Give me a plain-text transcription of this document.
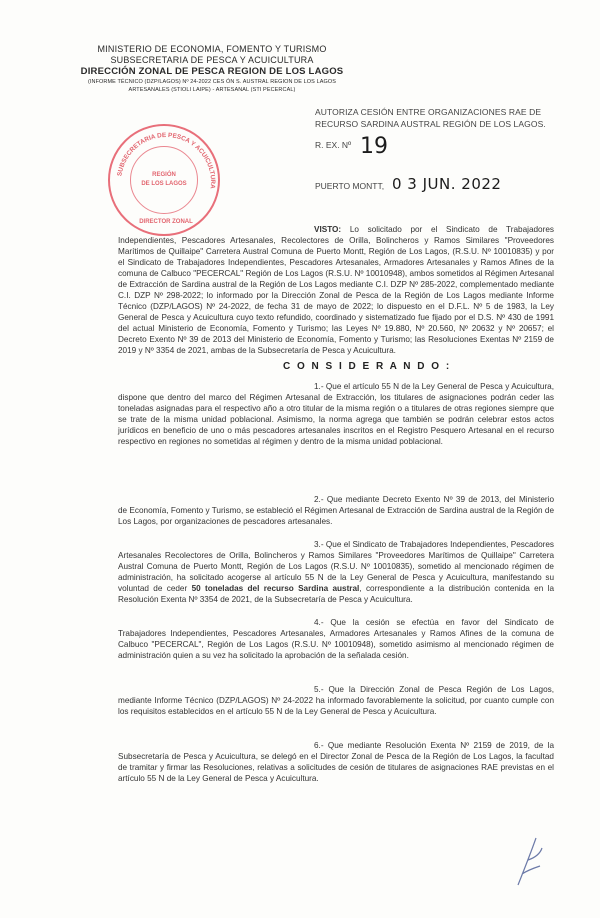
MINISTERIO DE ECONOMIA, FOMENTO Y TURISMO
SUBSECRETARIA DE PESCA Y ACUICULTURA
DIRECCIÓN ZONAL DE PESCA REGION DE LOS LAGOS
(INFORME TÉCNICO (DZP/LAGOS) Nº 24-2022 CES ÓN S. AUSTRAL REGION DE LOS LAGOS
ARTESANALES (STIOLI LAIPE) - ARTESANAL (STI PECERCAL)
SUBSECRETARIA DE PESCA Y ACUICULTURA
REGIÓN
DE LOS LAGOS
DIRECTOR ZONAL
AUTORIZA CESIÓN ENTRE ORGANIZACIONES RAE DE RECURSO SARDINA AUSTRAL REGIÓN DE LOS LAGOS.
R. EX. Nº 19
PUERTO MONTT, 0 3 JUN. 2022
VISTO: Lo solicitado por el Sindicato de Trabajadores Independientes, Pescadores Artesanales, Recolectores de Orilla, Bolincheros y Ramos Similares "Proveedores Marítimos de Quillaipe" Carretera Austral Comuna de Puerto Montt, Región de Los Lagos, (R.S.U. Nº 10010835) y por el Sindicato de Trabajadores Independientes, Pescadores Artesanales, Armadores Artesanales y Ramos Afines de la comuna de Calbuco "PECERCAL" Región de Los Lagos (R.S.U. Nº 10010948), ambos sometidos al Régimen Artesanal de Extracción de Sardina austral de la Región de Los Lagos mediante C.I. DZP Nº 285-2022, complementado mediante C.I. DZP Nº 298-2022; lo informado por la Dirección Zonal de Pesca de la Región de Los Lagos mediante Informe Técnico (DZP/LAGOS) Nº 24-2022, de fecha 31 de mayo de 2022; lo dispuesto en el D.F.L. Nº 5 de 1983, la Ley General de Pesca y Acuicultura cuyo texto refundido, coordinado y sistematizado fue fijado por el D.S. Nº 430 de 1991 del actual Ministerio de Economía, Fomento y Turismo; las Leyes Nº 19.880, Nº 20.560, Nº 20632 y Nº 20657; el Decreto Exento Nº 39 de 2013 del Ministerio de Economía, Fomento y Turismo; las Resoluciones Exentas Nº 2159 de 2019 y Nº 3354 de 2021, ambas de la Subsecretaría de Pesca y Acuicultura.
C O N S I D E R A N D O :
1.- Que el artículo 55 N de la Ley General de Pesca y Acuicultura, dispone que dentro del marco del Régimen Artesanal de Extracción, los titulares de asignaciones podrán ceder las toneladas asignadas para el respectivo año a otro titular de la misma región o a titulares de otras regiones siempre que se trate de la misma unidad poblacional. Asimismo, la norma agrega que también se podrán celebrar estos actos jurídicos en beneficio de uno o más pescadores artesanales inscritos en el Registro Pesquero Artesanal en el recurso respectivo en regiones no sometidas al régimen y dentro de la misma unidad poblacional.
2.- Que mediante Decreto Exento Nº 39 de 2013, del Ministerio de Economía, Fomento y Turismo, se estableció el Régimen Artesanal de Extracción de Sardina austral de la Región de Los Lagos, por organizaciones de pescadores artesanales.
3.- Que el Sindicato de Trabajadores Independientes, Pescadores Artesanales Recolectores de Orilla, Bolincheros y Ramos Similares "Proveedores Marítimos de Quillaipe" Carretera Austral Comuna de Puerto Montt, Región de Los Lagos (R.S.U. Nº 10010835), sometido al mencionado régimen de administración, ha solicitado acogerse al artículo 55 N de la Ley General de Pesca y Acuicultura, manifestando su voluntad de ceder 50 toneladas del recurso Sardina austral, correspondiente a la distribución contenida en la Resolución Exenta Nº 3354 de 2021, de la Subsecretaría de Pesca y Acuicultura.
4.- Que la cesión se efectúa en favor del Sindicato de Trabajadores Independientes, Pescadores Artesanales, Armadores Artesanales y Ramos Afines de la comuna de Calbuco "PECERCAL", Región de Los Lagos (R.S.U. Nº 10010948), sometido asimismo al mencionado régimen de administración quien a su vez ha solicitado la aprobación de la señalada cesión.
5.- Que la Dirección Zonal de Pesca Región de Los Lagos, mediante Informe Técnico (DZP/LAGOS) Nº 24-2022 ha informado favorablemente la solicitud, por cuanto cumple con los requisitos establecidos en el artículo 55 N de la Ley General de Pesca y Acuicultura.
6.- Que mediante Resolución Exenta Nº 2159 de 2019, de la Subsecretaría de Pesca y Acuicultura, se delegó en el Director Zonal de Pesca de la Región de Los Lagos, la facultad de tramitar y firmar las Resoluciones, relativas a solicitudes de cesión de titulares de asignaciones RAE previstas en el artículo 55 N de la Ley General de Pesca y Acuicultura.
